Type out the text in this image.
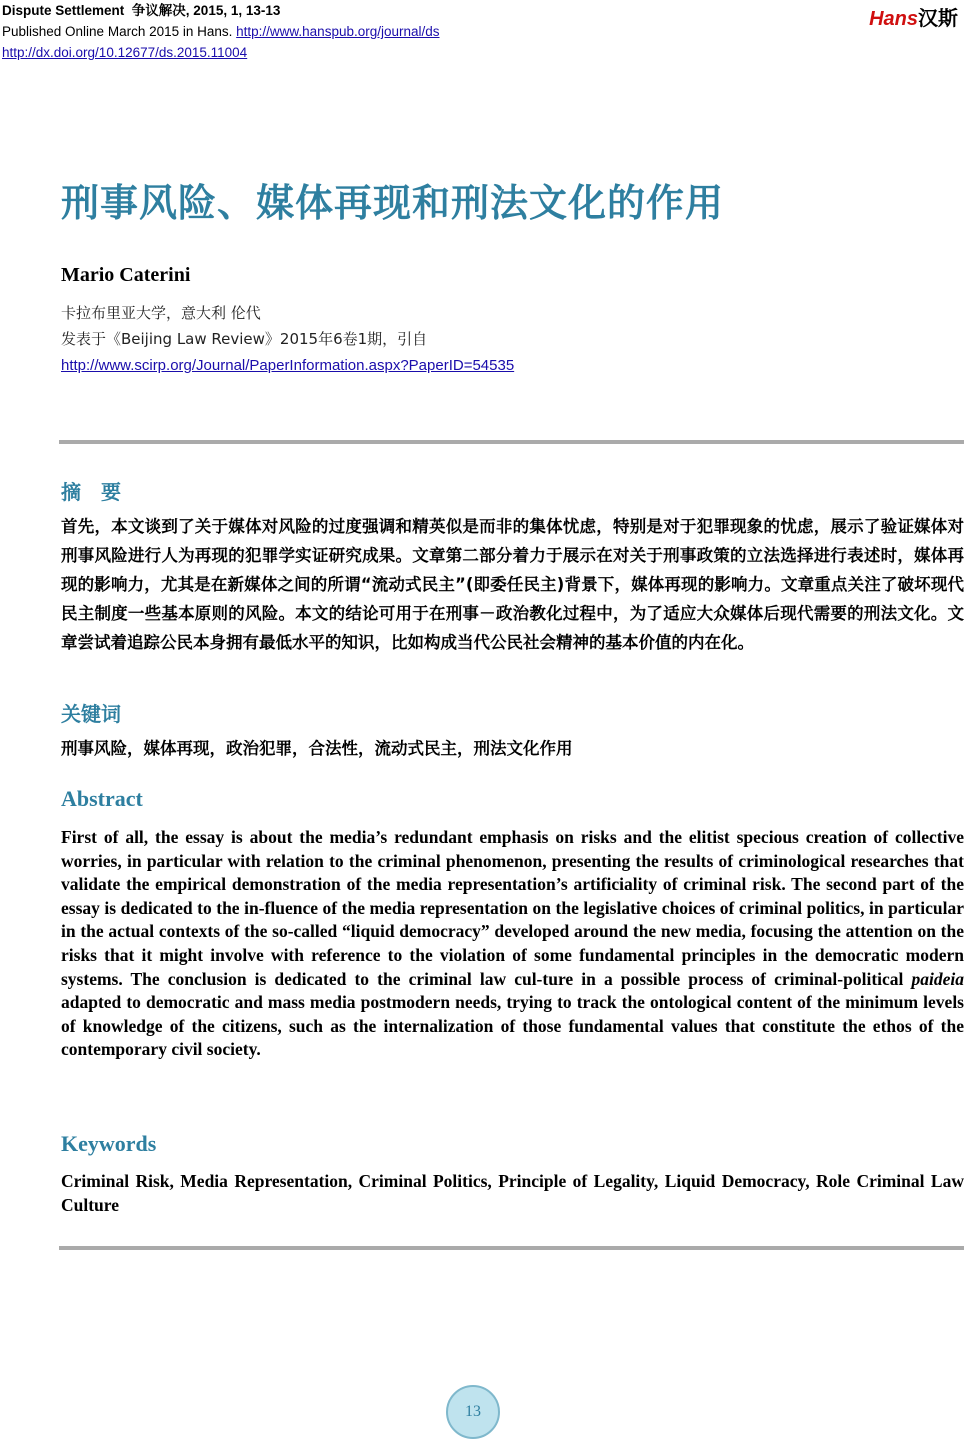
Dispute Settlement 争议解决, 2015, 1, 13-13
Published Online March 2015 in Hans. http://www.hanspub.org/journal/ds
http://dx.doi.org/10.12677/ds.2015.11004
Hans汉斯
刑事风险、媒体再现和刑法文化的作用
Mario Caterini
卡拉布里亚大学，意大利 伦代
发表于《Beijing Law Review》2015年6卷1期，引自
http://www.scirp.org/Journal/PaperInformation.aspx?PaperID=54535
摘　要
首先，本文谈到了关于媒体对风险的过度强调和精英似是而非的集体忧虑，特别是对于犯罪现象的忧虑，展示了验证媒体对刑事风险进行人为再现的犯罪学实证研究成果。文章第二部分着力于展示在对关于刑事政策的立法选择进行表述时，媒体再现的影响力，尤其是在新媒体之间的所谓“流动式民主”(即委任民主)背景下，媒体再现的影响力。文章重点关注了破坏现代民主制度一些基本原则的风险。本文的结论可用于在刑事－政治教化过程中，为了适应大众媒体后现代需要的刑法文化。文章尝试着追踪公民本身拥有最低水平的知识，比如构成当代公民社会精神的基本价值的内在化。
关键词
刑事风险，媒体再现，政治犯罪，合法性，流动式民主，刑法文化作用
Abstract
First of all, the essay is about the media’s redundant emphasis on risks and the elitist specious creation of collective worries, in particular with relation to the criminal phenomenon, presenting the results of criminological researches that validate the empirical demonstration of the media representation’s artificiality of criminal risk. The second part of the essay is dedicated to the in-fluence of the media representation on the legislative choices of criminal politics, in particular in the actual contexts of the so-called “liquid democracy” developed around the new media, focusing the attention on the risks that it might involve with reference to the violation of some fundamental principles in the democratic modern systems. The conclusion is dedicated to the criminal law cul-ture in a possible process of criminal-political paideia adapted to democratic and mass media postmodern needs, trying to track the ontological content of the minimum levels of knowledge of the citizens, such as the internalization of those fundamental values that constitute the ethos of the contemporary civil society.
Keywords
Criminal Risk, Media Representation, Criminal Politics, Principle of Legality, Liquid Democracy, Role Criminal Law Culture
13
